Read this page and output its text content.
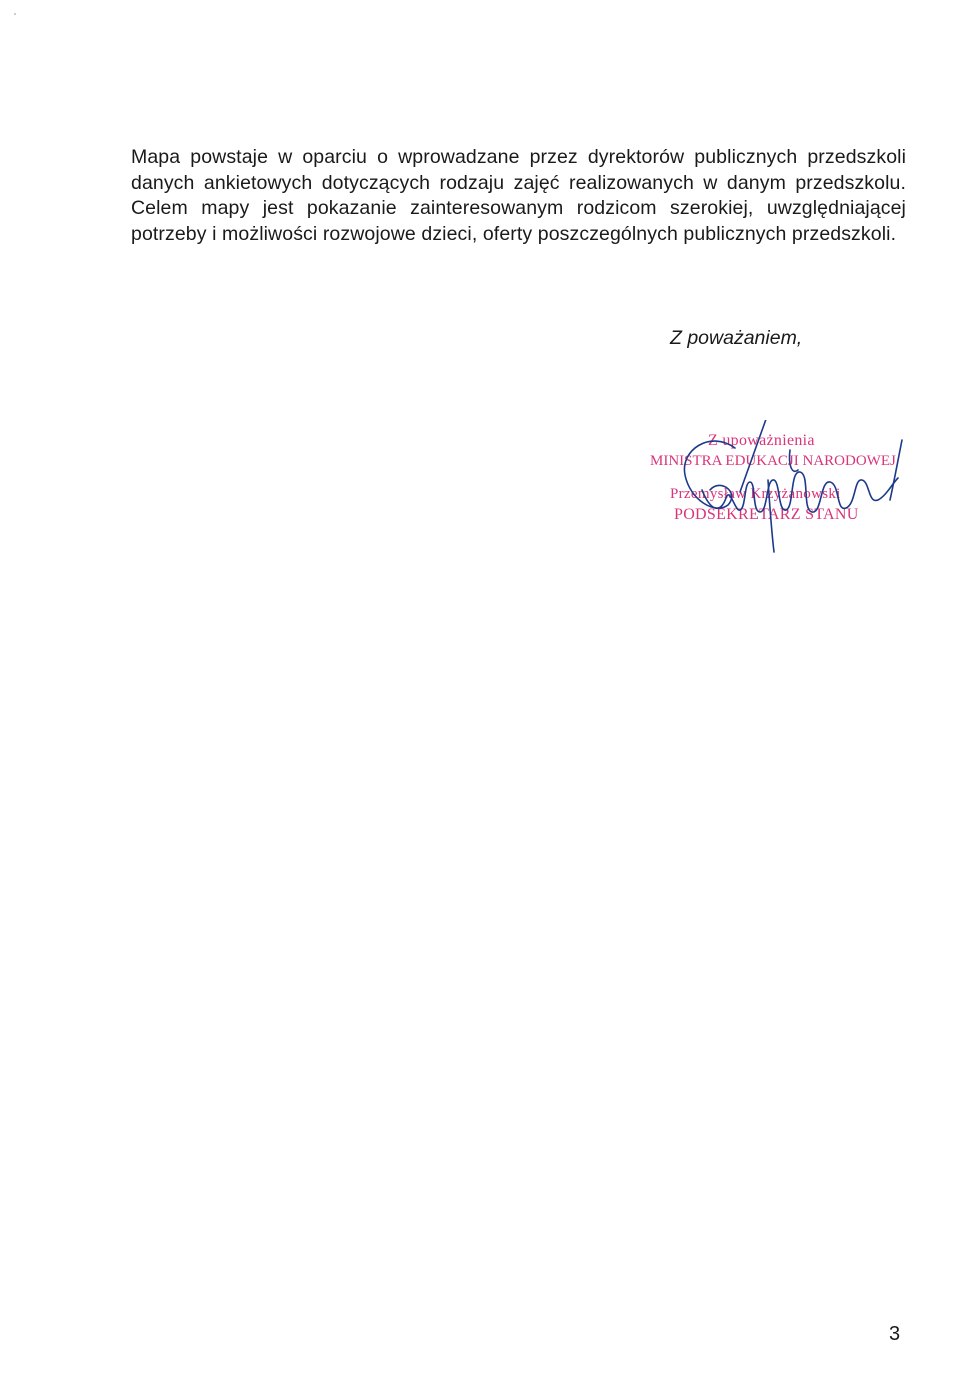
Mapa powstaje w oparciu o wprowadzane przez dyrektorów publicznych przedszkoli danych ankietowych dotyczących rodzaju zajęć realizowanych w danym przedszkolu. Celem mapy jest pokazanie zainteresowanym rodzicom szerokiej, uwzględniającej potrzeby i możliwości rozwojowe dzieci, oferty poszczególnych publicznych przedszkoli.

Z poważaniem,

Z upoważnienia
MINISTRA EDUKACJI NARODOWEJ
Przemysław Krzyżanowski
PODSEKRETARZ STANU

3
